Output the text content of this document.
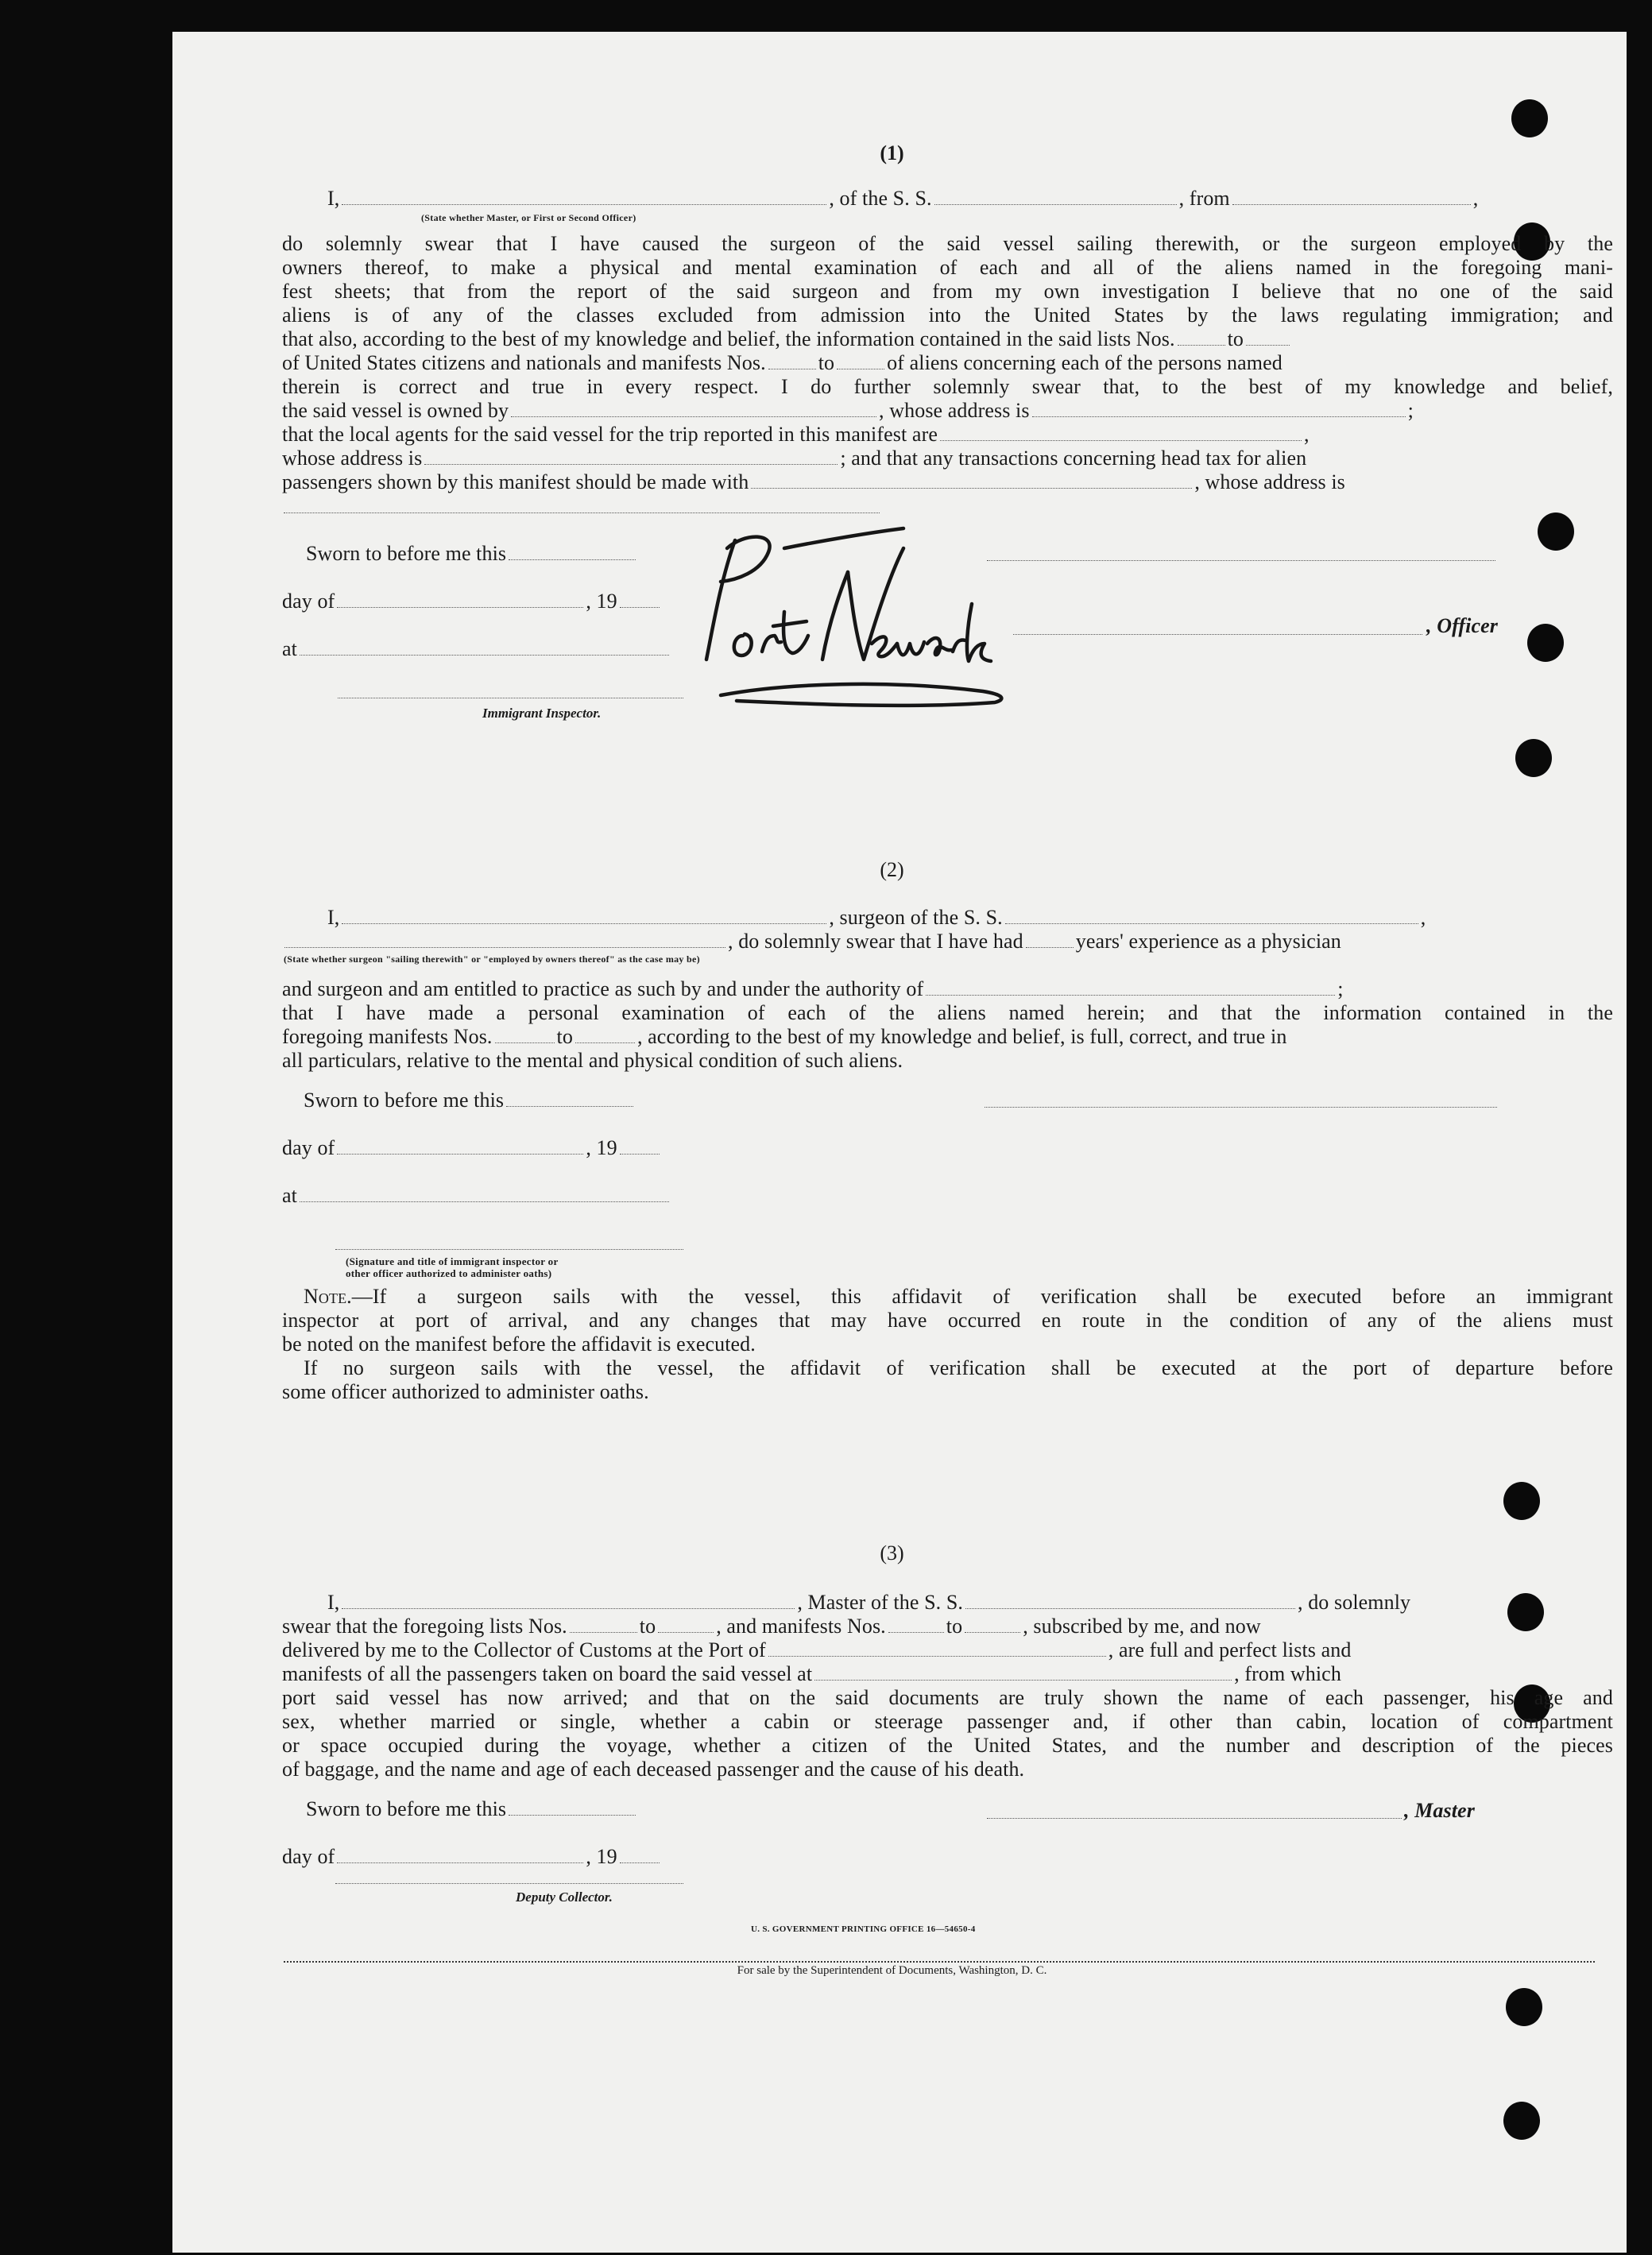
(1)
I,	, of the S. S.	, from	,
(State whether Master, or First or Second Officer)
do solemnly swear that I have caused the surgeon of the said vessel sailing therewith, or the surgeon employed by the
owners thereof, to make a physical and mental examination of each and all of the aliens named in the foregoing mani-
fest sheets; that from the report of the said surgeon and from my own investigation I believe that no one of the said
aliens is of any of the classes excluded from admission into the United States by the laws regulating immigration; and
that also, according to the best of my knowledge and belief, the information contained in the said lists Nos.	to
of United States citizens and nationals and manifests Nos.	to	of aliens concerning each of the persons named
therein is correct and true in every respect. I do further solemnly swear that, to the best of my knowledge and belief,
the said vessel is owned by	, whose address is	;
that the local agents for the said vessel for the trip reported in this manifest are	,
whose address is	; and that any transactions concerning head tax for alien
passengers shown by this manifest should be made with	, whose address is
Sworn to before me this
day of	, 19
at
Immigrant Inspector.
, Officer
(2)
I,	, surgeon of the S. S.	,
, do solemnly swear that I have had	years' experience as a physician
(State whether surgeon "sailing therewith" or "employed by owners thereof" as the case may be)
and surgeon and am entitled to practice as such by and under the authority of	;
that I have made a personal examination of each of the aliens named herein; and that the information contained in the
foregoing manifests Nos.	to	, according to the best of my knowledge and belief, is full, correct, and true in
all particulars, relative to the mental and physical condition of such aliens.
Sworn to before me this
day of	, 19
at
(Signature and title of immigrant inspector or
other officer authorized to administer oaths)
Note.—If a surgeon sails with the vessel, this affidavit of verification shall be executed before an immigrant
inspector at port of arrival, and any changes that may have occurred en route in the condition of any of the aliens must
be noted on the manifest before the affidavit is executed.
If no surgeon sails with the vessel, the affidavit of verification shall be executed at the port of departure before
some officer authorized to administer oaths.
(3)
I,	, Master of the S. S.	, do solemnly
swear that the foregoing lists Nos.	to	, and manifests Nos.	to	, subscribed by me, and now
delivered by me to the Collector of Customs at the Port of	, are full and perfect lists and
manifests of all the passengers taken on board the said vessel at	, from which
port said vessel has now arrived; and that on the said documents are truly shown the name of each passenger, his age and
sex, whether married or single, whether a cabin or steerage passenger and, if other than cabin, location of compartment
or space occupied during the voyage, whether a citizen of the United States, and the number and description of the pieces
of baggage, and the name and age of each deceased passenger and the cause of his death.
Sworn to before me this	, Master
day of	, 19
Deputy Collector.
U. S. GOVERNMENT PRINTING OFFICE 16—54650-4
For sale by the Superintendent of Documents, Washington, D. C.
